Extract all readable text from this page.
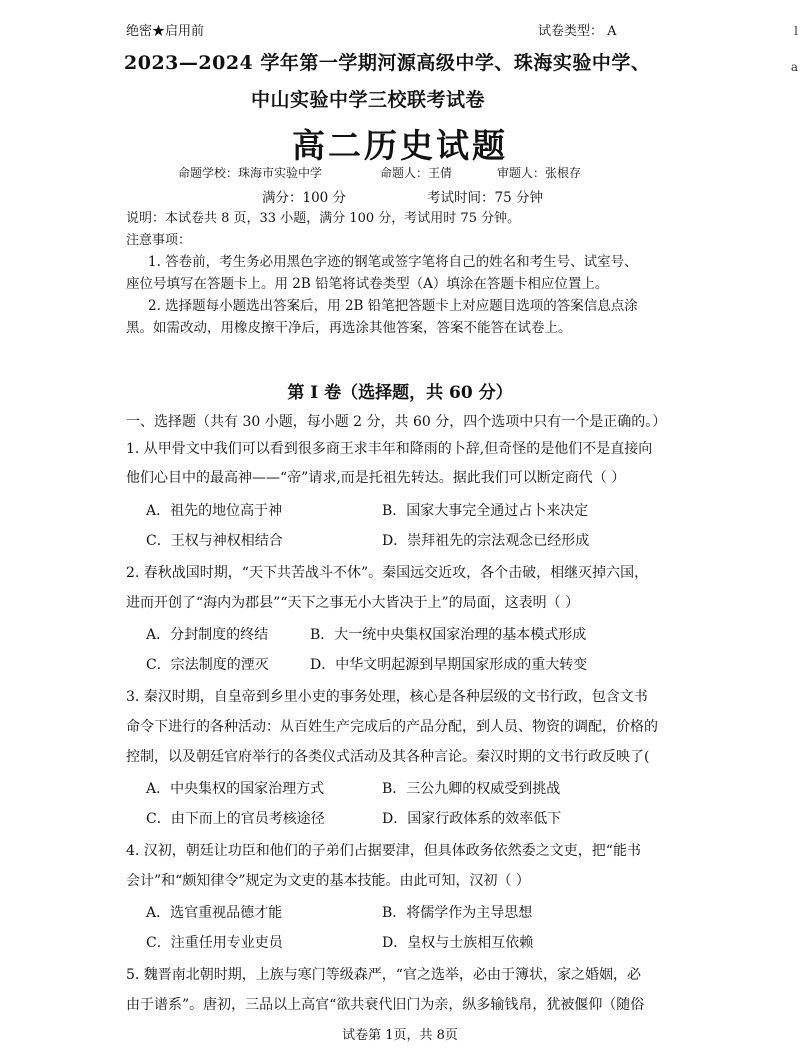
绝密★启用前	试卷类型： A
2023—2024 学年第一学期河源高级中学、珠海实验中学、
中山实验中学三校联考试卷
高二历史试题
命题学校：珠海市实验中学	命题人：王倩	审题人：张根存
满分：100 分	考试时间：75 分钟
说明：本试卷共 8 页，33 小题，满分 100 分，考试用时 75 分钟。
注意事项：
1. 答卷前，考生务必用黑色字迹的钢笔或签字笔将自己的姓名和考生号、试室号、
座位号填写在答题卡上。用 2B 铅笔将试卷类型（A）填涂在答题卡相应位置上。
2. 选择题每小题选出答案后，用 2B 铅笔把答题卡上对应题目选项的答案信息点涂
黑。如需改动，用橡皮擦干净后，再选涂其他答案，答案不能答在试卷上。
第 I 卷（选择题，共 60 分）
一、选择题（共有 30 小题，每小题 2 分，共 60 分，四个选项中只有一个是正确的。）
1. 从甲骨文中我们可以看到很多商王求丰年和降雨的卜辞,但奇怪的是他们不是直接向
他们心目中的最高神——“帝”请求,而是托祖先转达。据此我们可以断定商代（ ）
A．祖先的地位高于神	B．国家大事完全通过占卜来决定
C．王权与神权相结合	D．崇拜祖先的宗法观念已经形成
2. 春秋战国时期，“天下共苦战斗不休”。秦国远交近攻，各个击破，相继灭掉六国，
进而开创了“海内为郡县”“天下之事无小大皆决于上”的局面，这表明（ ）
A．分封制度的终结	B．大一统中央集权国家治理的基本模式形成
C．宗法制度的湮灭	D．中华文明起源到早期国家形成的重大转变
3. 秦汉时期，自皇帝到乡里小吏的事务处理，核心是各种层级的文书行政，包含文书
命令下进行的各种活动：从百姓生产完成后的产品分配，到人员、物资的调配，价格的
控制，以及朝廷官府举行的各类仪式活动及其各种言论。秦汉时期的文书行政反映了(
A．中央集权的国家治理方式	B．三公九卿的权威受到挑战
C．由下而上的官员考核途径	D．国家行政体系的效率低下
4. 汉初，朝廷让功臣和他们的子弟们占据要津，但具体政务依然委之文吏，把“能书
会计”和“颇知律令”规定为文吏的基本技能。由此可知，汉初（ ）
A．选官重视品德才能	B．将儒学作为主导思想
C．注重任用专业吏员	D．皇权与士族相互依赖
5. 魏晋南北朝时期，上族与寒门等级森严，“官之选举，必由于簿状，家之婚姻，必
由于谱系”。唐初，三品以上高官“欲共衰代旧门为亲，纵多输钱帛，犹被偃仰（随俗
试卷第 1页，共 8页
l
a
